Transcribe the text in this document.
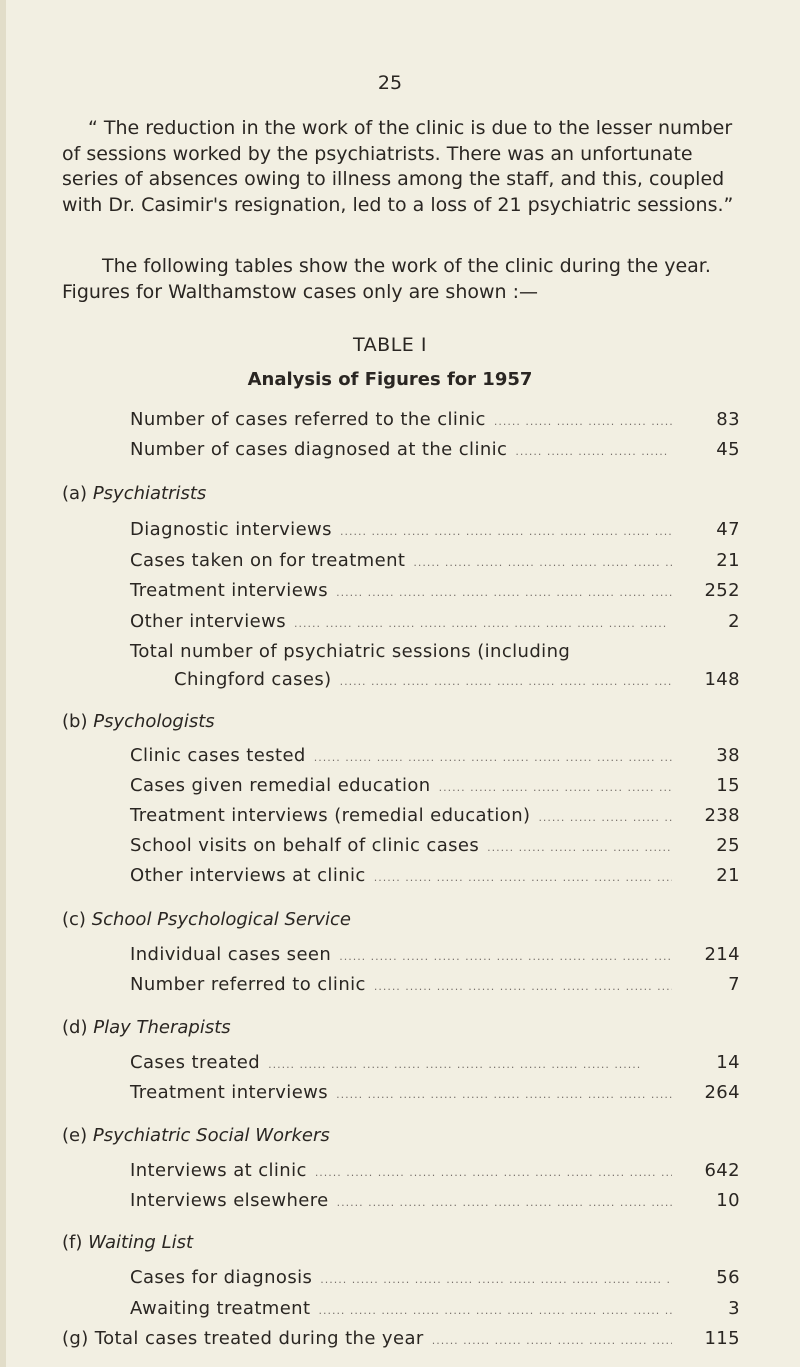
25

“ The reduction in the work of the clinic is due to the lesser number of sessions worked by the psychiatrists. There was an unfortunate series of absences owing to illness among the staff, and this, coupled with Dr. Casimir's resignation, led to a loss of 21 psychiatric sessions.”

The following tables show the work of the clinic during the year. Figures for Walthamstow cases only are shown :—

TABLE I
Analysis of Figures for 1957
Number of cases referred to the clinic .....	83
Number of cases diagnosed at the clinic .....	45
(a) Psychiatrists
Diagnostic interviews .....	47
Cases taken on for treatment .....	21
Treatment interviews .....	252
Other interviews .....	2
Total number of psychiatric sessions (including
Chingford cases) .....	148
(b) Psychologists
Clinic cases tested .....	38
Cases given remedial education .....	15
Treatment interviews (remedial education) .....	238
School visits on behalf of clinic cases .....	25
Other interviews at clinic .....	21
(c) School Psychological Service
Individual cases seen .....	214
Number referred to clinic .....	7
(d) Play Therapists
Cases treated .....	14
Treatment interviews .....	264
(e) Psychiatric Social Workers
Interviews at clinic .....	642
Interviews elsewhere .....	10
(f) Waiting List
Cases for diagnosis .....	56
Awaiting treatment .....	3
(g) Total cases treated during the year .....	115
